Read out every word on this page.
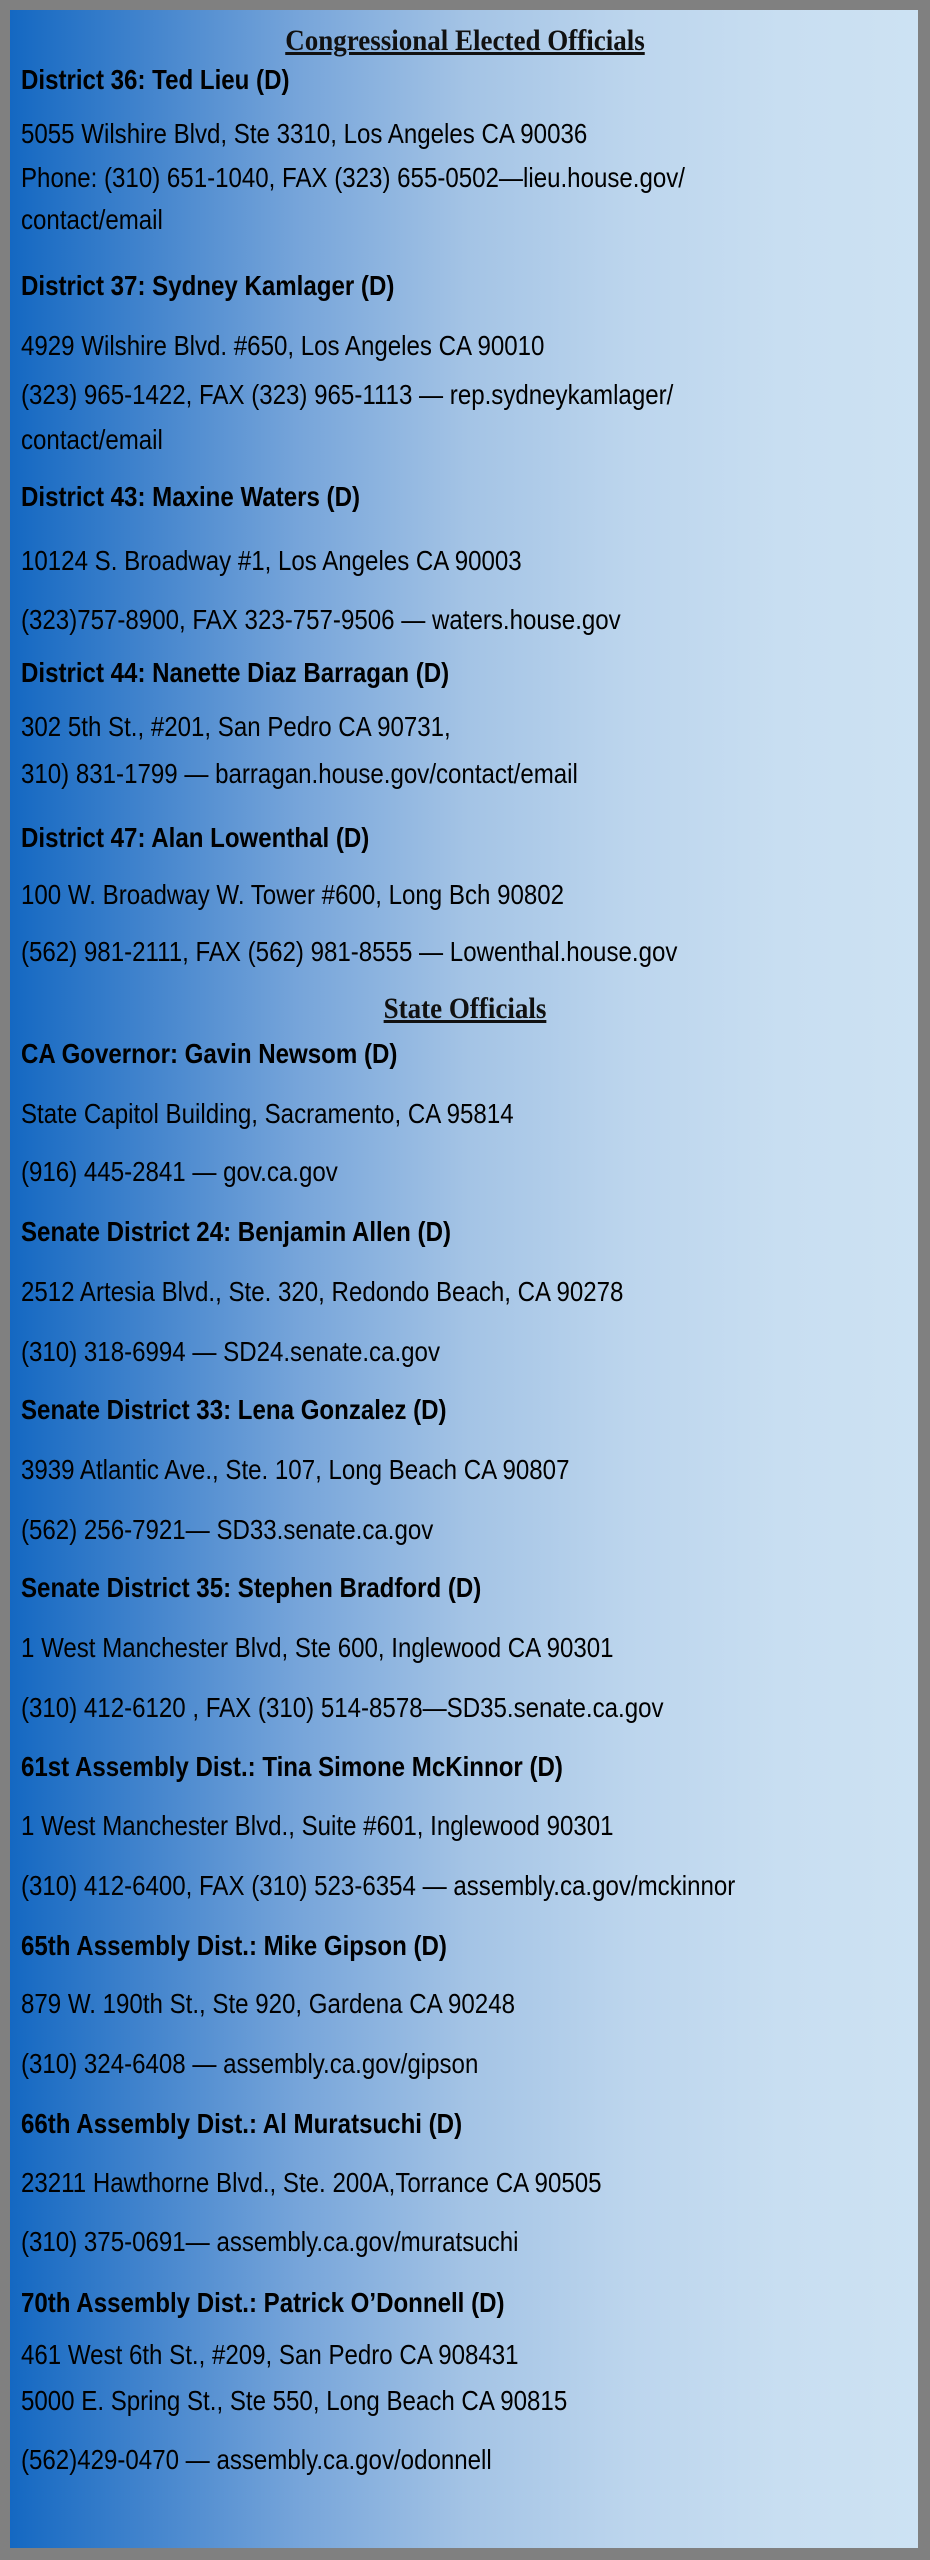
Congressional Elected Officials
District 36: Ted Lieu (D)
5055 Wilshire Blvd, Ste 3310, Los Angeles CA 90036
Phone: (310) 651-1040, FAX (323) 655-0502—lieu.house.gov/
contact/email
District 37: Sydney Kamlager (D)
4929 Wilshire Blvd. #650, Los Angeles CA 90010
(323) 965-1422, FAX (323) 965-1113 — rep.sydneykamlager/
contact/email
District 43: Maxine Waters (D)
10124 S. Broadway #1, Los Angeles CA 90003
(323)757-8900, FAX 323-757-9506 — waters.house.gov
District 44: Nanette Diaz Barragan (D)
302 5th St., #201, San Pedro CA 90731,
310) 831-1799 — barragan.house.gov/contact/email
District 47: Alan Lowenthal (D)
100 W. Broadway W. Tower #600, Long Bch 90802
(562) 981-2111, FAX (562) 981-8555 — Lowenthal.house.gov
State Officials
CA Governor: Gavin Newsom (D)
State Capitol Building, Sacramento, CA 95814
(916) 445-2841 — gov.ca.gov
Senate District 24: Benjamin Allen (D)
2512 Artesia Blvd., Ste. 320, Redondo Beach, CA 90278
(310) 318-6994 — SD24.senate.ca.gov
Senate District 33: Lena Gonzalez (D)
3939 Atlantic Ave., Ste. 107, Long Beach CA 90807
(562) 256-7921— SD33.senate.ca.gov
Senate District 35: Stephen Bradford (D)
1 West Manchester Blvd, Ste 600, Inglewood CA 90301
(310) 412-6120 , FAX (310) 514-8578—SD35.senate.ca.gov
61st Assembly Dist.: Tina Simone McKinnor (D)
1 West Manchester Blvd., Suite #601, Inglewood 90301
(310) 412-6400, FAX (310) 523-6354 — assembly.ca.gov/mckinnor
65th Assembly Dist.: Mike Gipson (D)
879 W. 190th St., Ste 920, Gardena CA 90248
(310) 324-6408 — assembly.ca.gov/gipson
66th Assembly Dist.: Al Muratsuchi (D)
23211 Hawthorne Blvd., Ste. 200A,Torrance CA 90505
(310) 375-0691— assembly.ca.gov/muratsuchi
70th Assembly Dist.: Patrick O’Donnell (D)
461 West 6th St., #209, San Pedro CA 908431
5000 E. Spring St., Ste 550, Long Beach CA 90815
(562)429-0470 — assembly.ca.gov/odonnell
